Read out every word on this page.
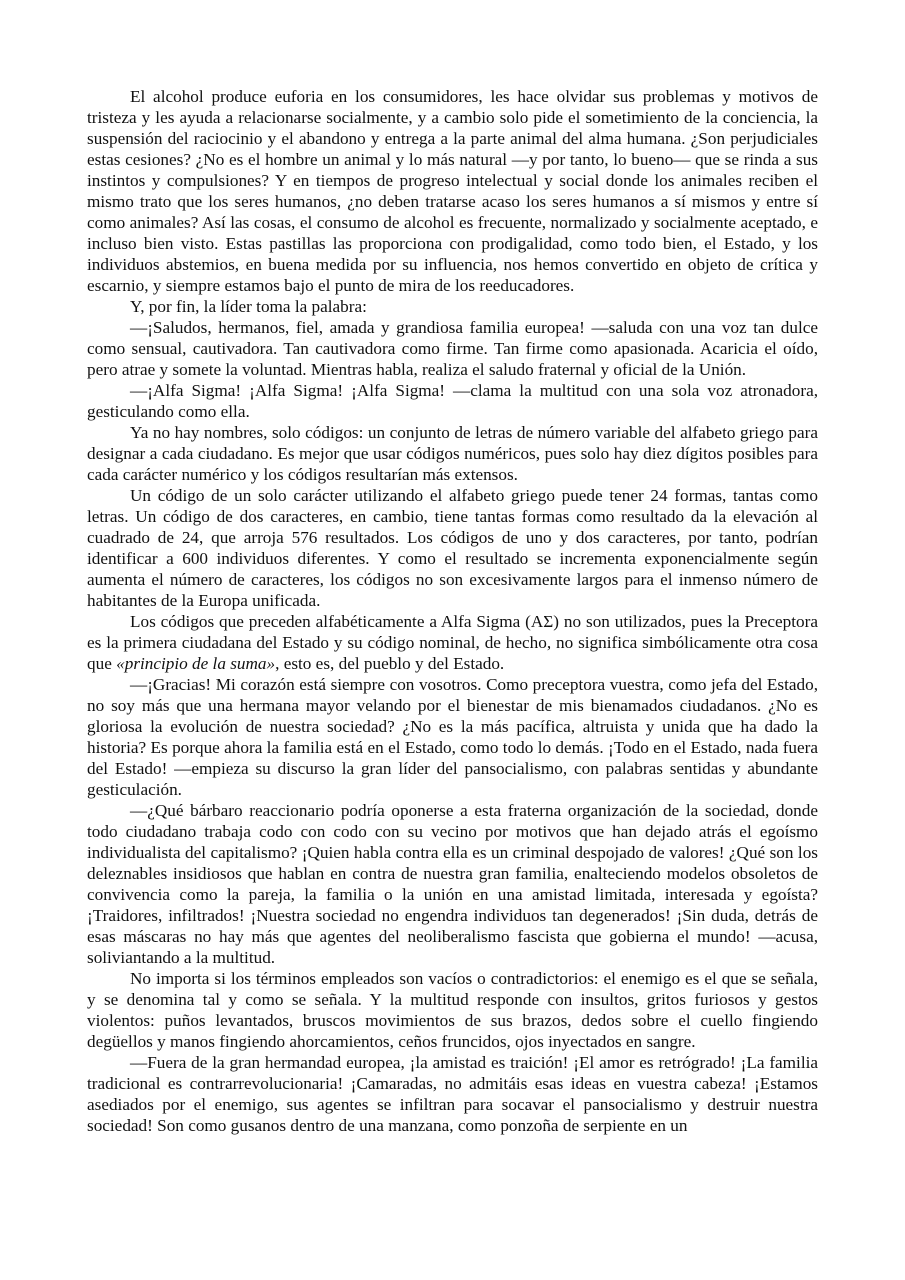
El alcohol produce euforia en los consumidores, les hace olvidar sus problemas y motivos de tristeza y les ayuda a relacionarse socialmente, y a cambio solo pide el sometimiento de la conciencia, la suspensión del raciocinio y el abandono y entrega a la parte animal del alma humana. ¿Son perjudiciales estas cesiones? ¿No es el hombre un animal y lo más natural —y por tanto, lo bueno— que se rinda a sus instintos y compulsiones? Y en tiempos de progreso intelectual y social donde los animales reciben el mismo trato que los seres humanos, ¿no deben tratarse acaso los seres humanos a sí mismos y entre sí como animales? Así las cosas, el consumo de alcohol es frecuente, normalizado y socialmente aceptado, e incluso bien visto. Estas pastillas las proporciona con prodigalidad, como todo bien, el Estado, y los individuos abstemios, en buena medida por su influencia, nos hemos convertido en objeto de crítica y escarnio, y siempre estamos bajo el punto de mira de los reeducadores.

Y, por fin, la líder toma la palabra:

—¡Saludos, hermanos, fiel, amada y grandiosa familia europea! —saluda con una voz tan dulce como sensual, cautivadora. Tan cautivadora como firme. Tan firme como apasionada. Acaricia el oído, pero atrae y somete la voluntad. Mientras habla, realiza el saludo fraternal y oficial de la Unión.

—¡Alfa Sigma! ¡Alfa Sigma! ¡Alfa Sigma! —clama la multitud con una sola voz atronadora, gesticulando como ella.

Ya no hay nombres, solo códigos: un conjunto de letras de número variable del alfabeto griego para designar a cada ciudadano. Es mejor que usar códigos numéricos, pues solo hay diez dígitos posibles para cada carácter numérico y los códigos resultarían más extensos.

Un código de un solo carácter utilizando el alfabeto griego puede tener 24 formas, tantas como letras. Un código de dos caracteres, en cambio, tiene tantas formas como resultado da la elevación al cuadrado de 24, que arroja 576 resultados. Los códigos de uno y dos caracteres, por tanto, podrían identificar a 600 individuos diferentes. Y como el resultado se incrementa exponencialmente según aumenta el número de caracteres, los códigos no son excesivamente largos para el inmenso número de habitantes de la Europa unificada.

Los códigos que preceden alfabéticamente a Alfa Sigma (ΑΣ) no son utilizados, pues la Preceptora es la primera ciudadana del Estado y su código nominal, de hecho, no significa simbólicamente otra cosa que «principio de la suma», esto es, del pueblo y del Estado.

—¡Gracias! Mi corazón está siempre con vosotros. Como preceptora vuestra, como jefa del Estado, no soy más que una hermana mayor velando por el bienestar de mis bienamados ciudadanos. ¿No es gloriosa la evolución de nuestra sociedad? ¿No es la más pacífica, altruista y unida que ha dado la historia? Es porque ahora la familia está en el Estado, como todo lo demás. ¡Todo en el Estado, nada fuera del Estado! —empieza su discurso la gran líder del pansocialismo, con palabras sentidas y abundante gesticulación.

—¿Qué bárbaro reaccionario podría oponerse a esta fraterna organización de la sociedad, donde todo ciudadano trabaja codo con codo con su vecino por motivos que han dejado atrás el egoísmo individualista del capitalismo? ¡Quien habla contra ella es un criminal despojado de valores! ¿Qué son los deleznables insidiosos que hablan en contra de nuestra gran familia, enalteciendo modelos obsoletos de convivencia como la pareja, la familia o la unión en una amistad limitada, interesada y egoísta? ¡Traidores, infiltrados! ¡Nuestra sociedad no engendra individuos tan degenerados! ¡Sin duda, detrás de esas máscaras no hay más que agentes del neoliberalismo fascista que gobierna el mundo! —acusa, soliviantando a la multitud.

No importa si los términos empleados son vacíos o contradictorios: el enemigo es el que se señala, y se denomina tal y como se señala. Y la multitud responde con insultos, gritos furiosos y gestos violentos: puños levantados, bruscos movimientos de sus brazos, dedos sobre el cuello fingiendo degüellos y manos fingiendo ahorcamientos, ceños fruncidos, ojos inyectados en sangre.

—Fuera de la gran hermandad europea, ¡la amistad es traición! ¡El amor es retrógrado! ¡La familia tradicional es contrarrevolucionaria! ¡Camaradas, no admitáis esas ideas en vuestra cabeza! ¡Estamos asediados por el enemigo, sus agentes se infiltran para socavar el pansocialismo y destruir nuestra sociedad! Son como gusanos dentro de una manzana, como ponzoña de serpiente en un
